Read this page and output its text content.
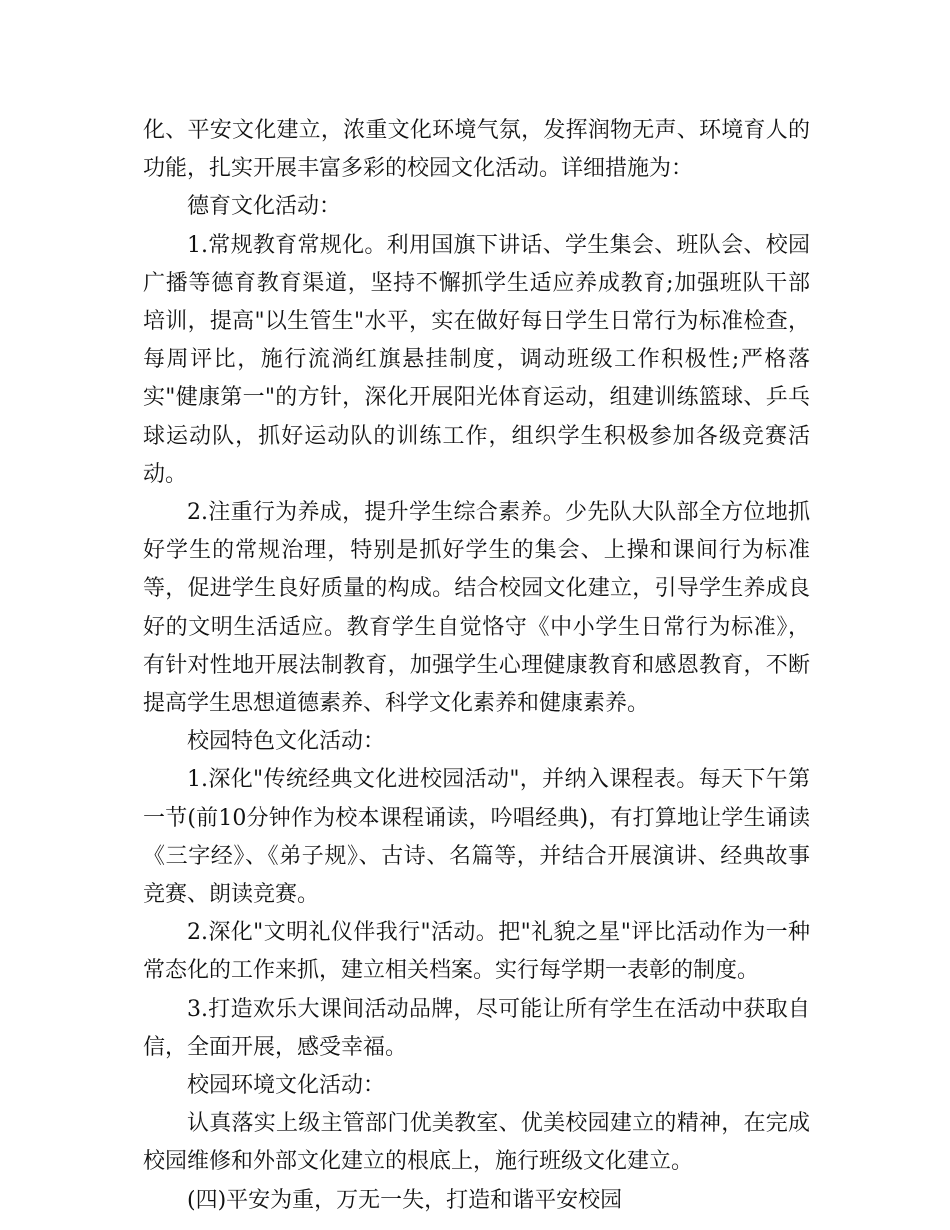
化、平安文化建立，浓重文化环境气氛，发挥润物无声、环境育人的功能，扎实开展丰富多彩的校园文化活动。详细措施为：

德育文化活动：

1.常规教育常规化。利用国旗下讲话、学生集会、班队会、校园广播等德育教育渠道，坚持不懈抓学生适应养成教育;加强班队干部培训，提高"以生管生"水平，实在做好每日学生日常行为标准检查，每周评比，施行流淌红旗悬挂制度，调动班级工作积极性;严格落实"健康第一"的方针，深化开展阳光体育运动，组建训练篮球、乒乓球运动队，抓好运动队的训练工作，组织学生积极参加各级竞赛活动。

2.注重行为养成，提升学生综合素养。少先队大队部全方位地抓好学生的常规治理，特别是抓好学生的集会、上操和课间行为标准等，促进学生良好质量的构成。结合校园文化建立，引导学生养成良好的文明生活适应。教育学生自觉恪守《中小学生日常行为标准》，有针对性地开展法制教育，加强学生心理健康教育和感恩教育，不断提高学生思想道德素养、科学文化素养和健康素养。

校园特色文化活动：

1.深化"传统经典文化进校园活动"，并纳入课程表。每天下午第一节(前10分钟作为校本课程诵读，吟唱经典)，有打算地让学生诵读《三字经》、《弟子规》、古诗、名篇等，并结合开展演讲、经典故事竞赛、朗读竞赛。

2.深化"文明礼仪伴我行"活动。把"礼貌之星"评比活动作为一种常态化的工作来抓，建立相关档案。实行每学期一表彰的制度。

3.打造欢乐大课间活动品牌，尽可能让所有学生在活动中获取自信，全面开展，感受幸福。

校园环境文化活动：

认真落实上级主管部门优美教室、优美校园建立的精神，在完成校园维修和外部文化建立的根底上，施行班级文化建立。

(四)平安为重，万无一失，打造和谐平安校园
